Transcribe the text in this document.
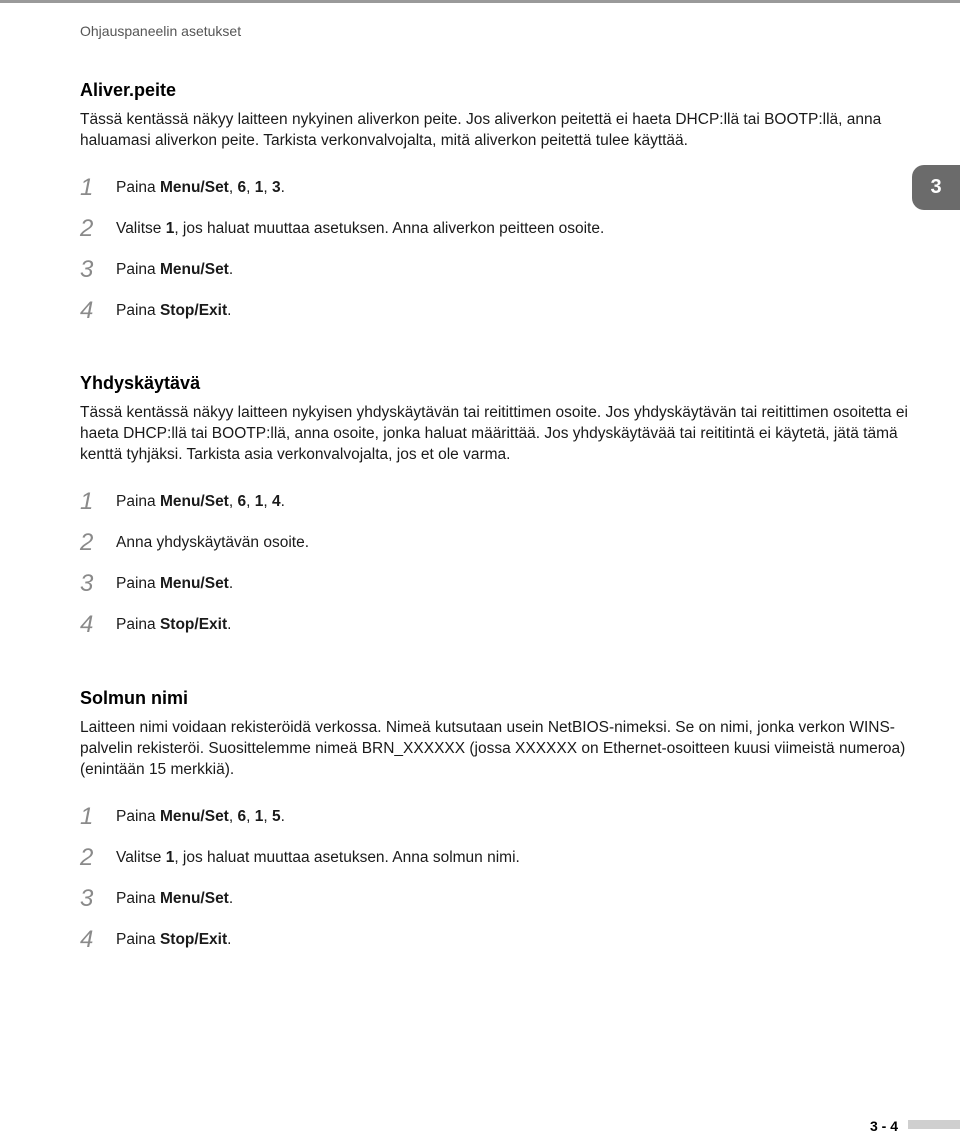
Ohjauspaneelin asetukset
3
Aliver.peite

Tässä kentässä näkyy laitteen nykyinen aliverkon peite. Jos aliverkon peitettä ei haeta DHCP:llä tai BOOTP:llä, anna haluamasi aliverkon peite. Tarkista verkonvalvojalta, mitä aliverkon peitettä tulee käyttää.

1	Paina Menu/Set, 6, 1, 3.
2	Valitse 1, jos haluat muuttaa asetuksen. Anna aliverkon peitteen osoite.
3	Paina Menu/Set.
4	Paina Stop/Exit.
Yhdyskäytävä

Tässä kentässä näkyy laitteen nykyisen yhdyskäytävän tai reitittimen osoite. Jos yhdyskäytävän tai reitittimen osoitetta ei haeta DHCP:llä tai BOOTP:llä, anna osoite, jonka haluat määrittää. Jos yhdyskäytävää tai reititintä ei käytetä, jätä tämä kenttä tyhjäksi. Tarkista asia verkonvalvojalta, jos et ole varma.

1	Paina Menu/Set, 6, 1, 4.
2	Anna yhdyskäytävän osoite.
3	Paina Menu/Set.
4	Paina Stop/Exit.
Solmun nimi

Laitteen nimi voidaan rekisteröidä verkossa. Nimeä kutsutaan usein NetBIOS-nimeksi. Se on nimi, jonka verkon WINS-palvelin rekisteröi. Suosittelemme nimeä BRN_XXXXXX (jossa XXXXXX on Ethernet-osoitteen kuusi viimeistä numeroa) (enintään 15 merkkiä).

1	Paina Menu/Set, 6, 1, 5.
2	Valitse 1, jos haluat muuttaa asetuksen. Anna solmun nimi.
3	Paina Menu/Set.
4	Paina Stop/Exit.
3 - 4
